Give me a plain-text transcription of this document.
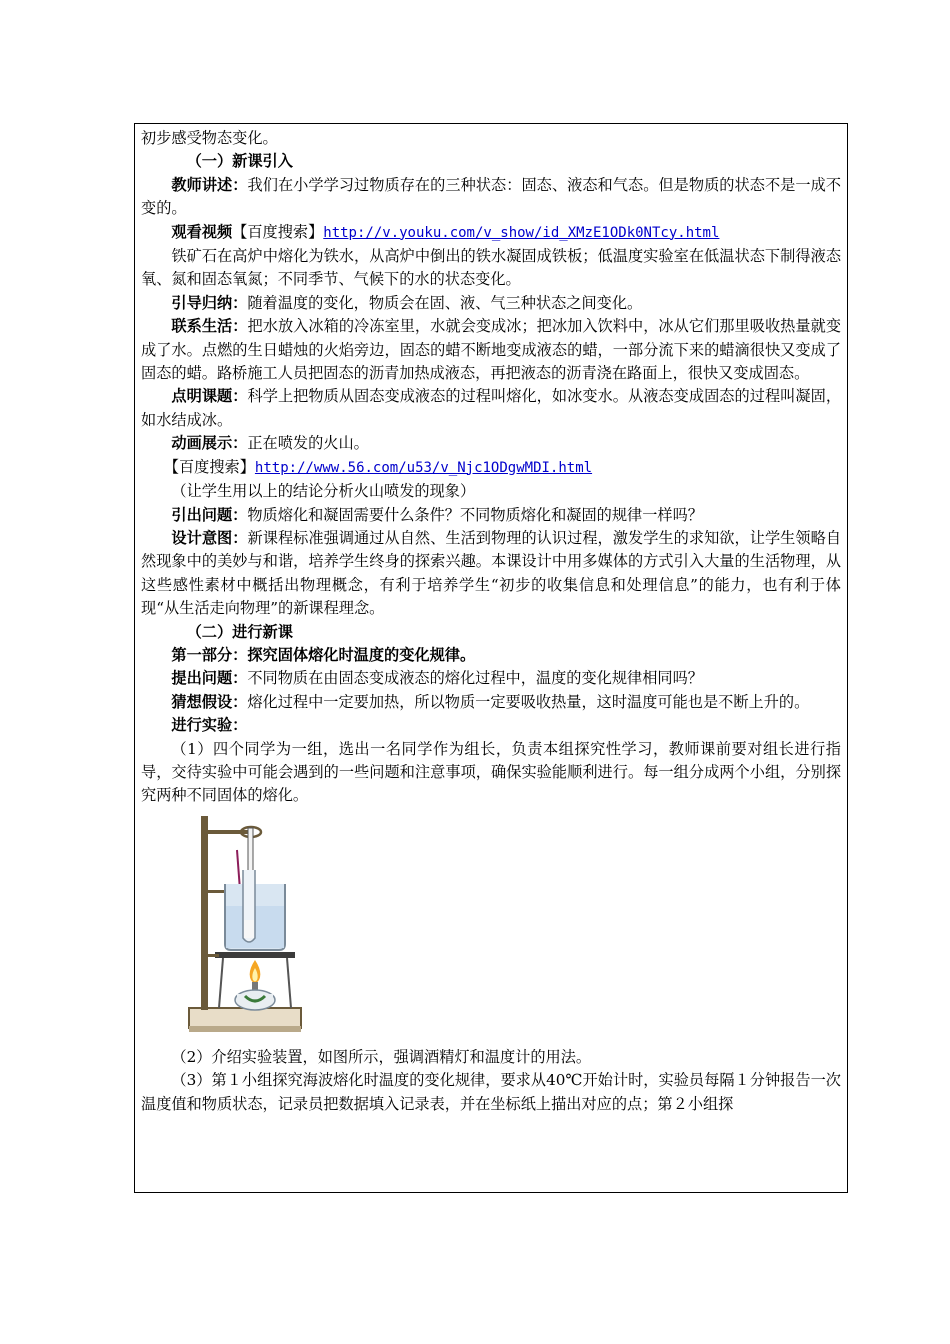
初步感受物态变化。

（一）新课引入

教师讲述：我们在小学学习过物质存在的三种状态：固态、液态和气态。但是物质的状态不是一成不变的。

观看视频【百度搜索】http://v.youku.com/v_show/id_XMzE1ODk0NTcy.html

铁矿石在高炉中熔化为铁水，从高炉中倒出的铁水凝固成铁板；低温度实验室在低温状态下制得液态氧、氮和固态氧氮；不同季节、气候下的水的状态变化。

引导归纳：随着温度的变化，物质会在固、液、气三种状态之间变化。

联系生活：把水放入冰箱的冷冻室里，水就会变成冰；把冰加入饮料中，冰从它们那里吸收热量就变成了水。点燃的生日蜡烛的火焰旁边，固态的蜡不断地变成液态的蜡，一部分流下来的蜡滴很快又变成了固态的蜡。路桥施工人员把固态的沥青加热成液态，再把液态的沥青浇在路面上，很快又变成固态。

点明课题：科学上把物质从固态变成液态的过程叫熔化，如冰变水。从液态变成固态的过程叫凝固，如水结成冰。

动画展示：正在喷发的火山。

【百度搜索】http://www.56.com/u53/v_Njc1ODgwMDI.html

（让学生用以上的结论分析火山喷发的现象）

引出问题：物质熔化和凝固需要什么条件？不同物质熔化和凝固的规律一样吗？

设计意图：新课程标准强调通过从自然、生活到物理的认识过程，激发学生的求知欲，让学生领略自然现象中的美妙与和谐，培养学生终身的探索兴趣。本课设计中用多媒体的方式引入大量的生活物理，从这些感性素材中概括出物理概念，有利于培养学生“初步的收集信息和处理信息”的能力，也有利于体现“从生活走向物理”的新课程理念。

（二）进行新课

第一部分：探究固体熔化时温度的变化规律。

提出问题：不同物质在由固态变成液态的熔化过程中，温度的变化规律相同吗？

猜想假设：熔化过程中一定要加热，所以物质一定要吸收热量，这时温度可能也是不断上升的。

进行实验：

（1）四个同学为一组，选出一名同学作为组长，负责本组探究性学习，教师课前要对组长进行指导，交待实验中可能会遇到的一些问题和注意事项，确保实验能顺利进行。每一组分成两个小组，分别探究两种不同固体的熔化。

（2）介绍实验装置，如图所示，强调酒精灯和温度计的用法。

（3）第１小组探究海波熔化时温度的变化规律，要求从40℃开始计时，实验员每隔１分钟报告一次温度值和物质状态，记录员把数据填入记录表，并在坐标纸上描出对应的点；第２小组探
